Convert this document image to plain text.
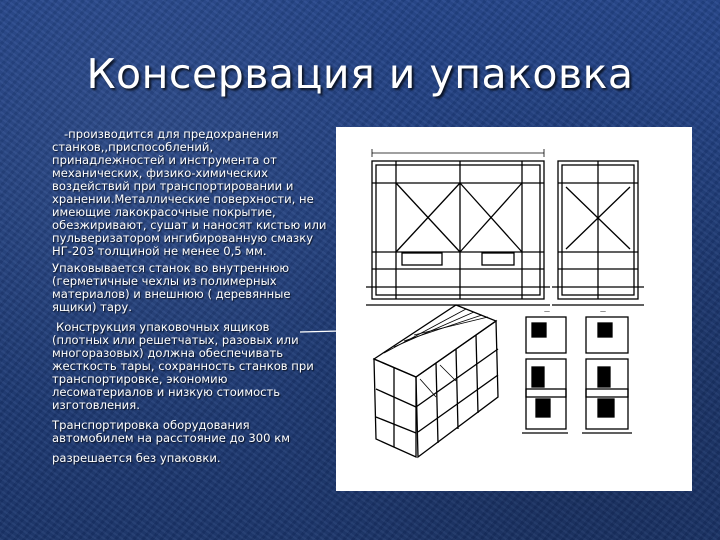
Консервация и упаковка

-производится для предохранения станков,,приспособлений, принадлежностей и инструмента от механических, физико-химических воздействий при транспортировании и хранении.Металлические поверхности, не имеющие лакокрасочные покрытие, обезжиривают, сушат и наносят кистью или пульверизатором ингибированную смазку НГ-203 толщиной не менее 0,5 мм.

Упаковывается станок во внутреннюю (герметичные чехлы из полимерных материалов) и внешнюю ( деревянные ящики) тару.

Конструкция упаковочных ящиков (плотных или решетчатых, разовых или многоразовых) должна обеспечивать жесткость тары, сохранность станков при транспортировке, экономию лесоматериалов и низкую стоимость изготовления.

Транспортировка оборудования автомобилем на расстояние до 300 км

разрешается без упаковки.

—	—
